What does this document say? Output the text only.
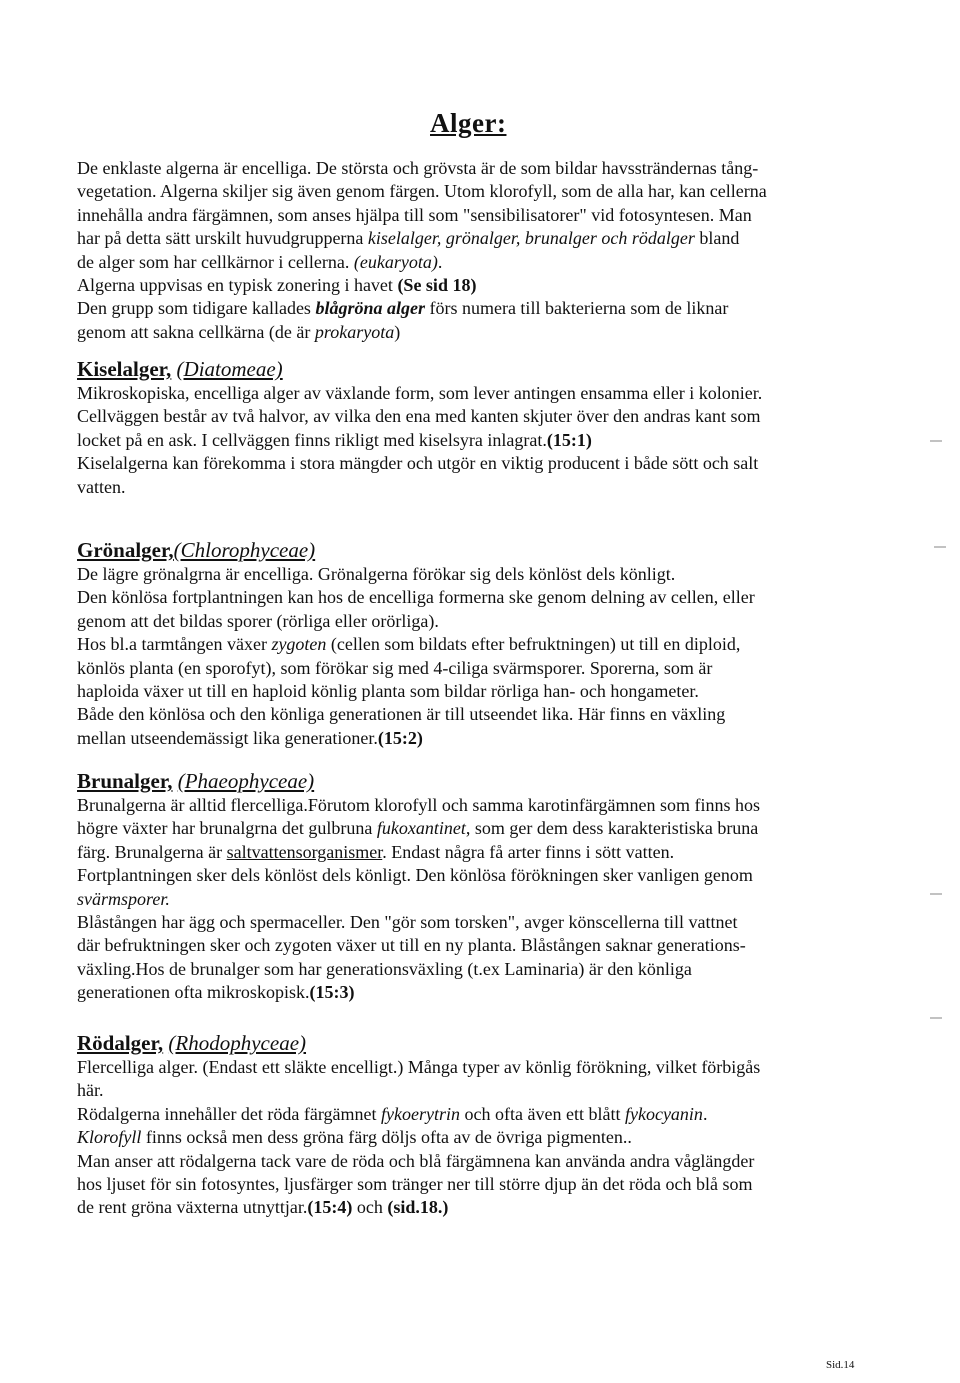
Alger:
De enklaste algerna är encelliga. De största och grövsta är de som bildar havssträndernas tång-
vegetation. Algerna skiljer sig även genom färgen. Utom klorofyll, som de alla har, kan cellerna
innehålla andra färgämnen, som anses hjälpa till som "sensibilisatorer" vid fotosyntesen. Man
har på detta sätt urskilt huvudgrupperna kiselalger, grönalger, brunalger och rödalger bland
de alger som har cellkärnor i cellerna. (eukaryota).
Algerna uppvisas en typisk zonering i havet (Se sid 18)
Den grupp som tidigare kallades blågröna alger förs numera till bakterierna som de liknar
genom att sakna cellkärna (de är prokaryota)
Kiselalger, (Diatomeae)
Mikroskopiska, encelliga alger av växlande form, som lever antingen ensamma eller i kolonier.
Cellväggen består av två halvor, av vilka den ena med kanten skjuter över den andras kant som
locket på en ask. I cellväggen finns rikligt med kiselsyra inlagrat.(15:1)
Kiselalgerna kan förekomma i stora mängder och utgör en viktig producent i både sött och salt
vatten.
Grönalger,(Chlorophyceae)
De lägre grönalgrna är encelliga. Grönalgerna förökar sig dels könlöst dels könligt.
Den könlösa fortplantningen kan hos de encelliga formerna ske genom delning av cellen, eller
genom att det bildas sporer (rörliga eller orörliga).
Hos bl.a tarmtången växer zygoten (cellen som bildats efter befruktningen) ut till en diploid,
könlös planta (en sporofyt), som förökar sig med 4-ciliga svärmsporer. Sporerna, som är
haploida växer ut till en haploid könlig planta som bildar rörliga han- och hongameter.
Både den könlösa och den könliga generationen är till utseendet lika. Här finns en växling
mellan utseendemässigt lika generationer.(15:2)
Brunalger, (Phaeophyceae)
Brunalgerna är alltid flercelliga.Förutom klorofyll och samma karotinfärgämnen som finns hos
högre växter har brunalgrna det gulbruna fukoxantinet, som ger dem dess karakteristiska bruna
färg. Brunalgerna är saltvattensorganismer. Endast några få arter finns i sött vatten.
Fortplantningen sker dels könlöst dels könligt. Den könlösa förökningen sker vanligen genom
svärmsporer.
Blåstången har ägg och spermaceller. Den "gör som torsken", avger könscellerna till vattnet
där befruktningen sker och zygoten växer ut till en ny planta. Blåstången saknar generations-
växling.Hos de brunalger som har generationsväxling (t.ex Laminaria) är den könliga
generationen ofta mikroskopisk.(15:3)
Rödalger, (Rhodophyceae)
Flercelliga alger. (Endast ett släkte encelligt.) Många typer av könlig förökning, vilket förbigås
här.
Rödalgerna innehåller det röda färgämnet fykoerytrin och ofta även ett blått fykocyanin.
Klorofyll finns också men dess gröna färg döljs ofta av de övriga pigmenten..
Man anser att rödalgerna tack vare de röda och blå färgämnena kan använda andra våglängder
hos ljuset för sin fotosyntes, ljusfärger som tränger ner till större djup än det röda och blå som
de rent gröna växterna utnyttjar.(15:4) och (sid.18.)

Sid.14
